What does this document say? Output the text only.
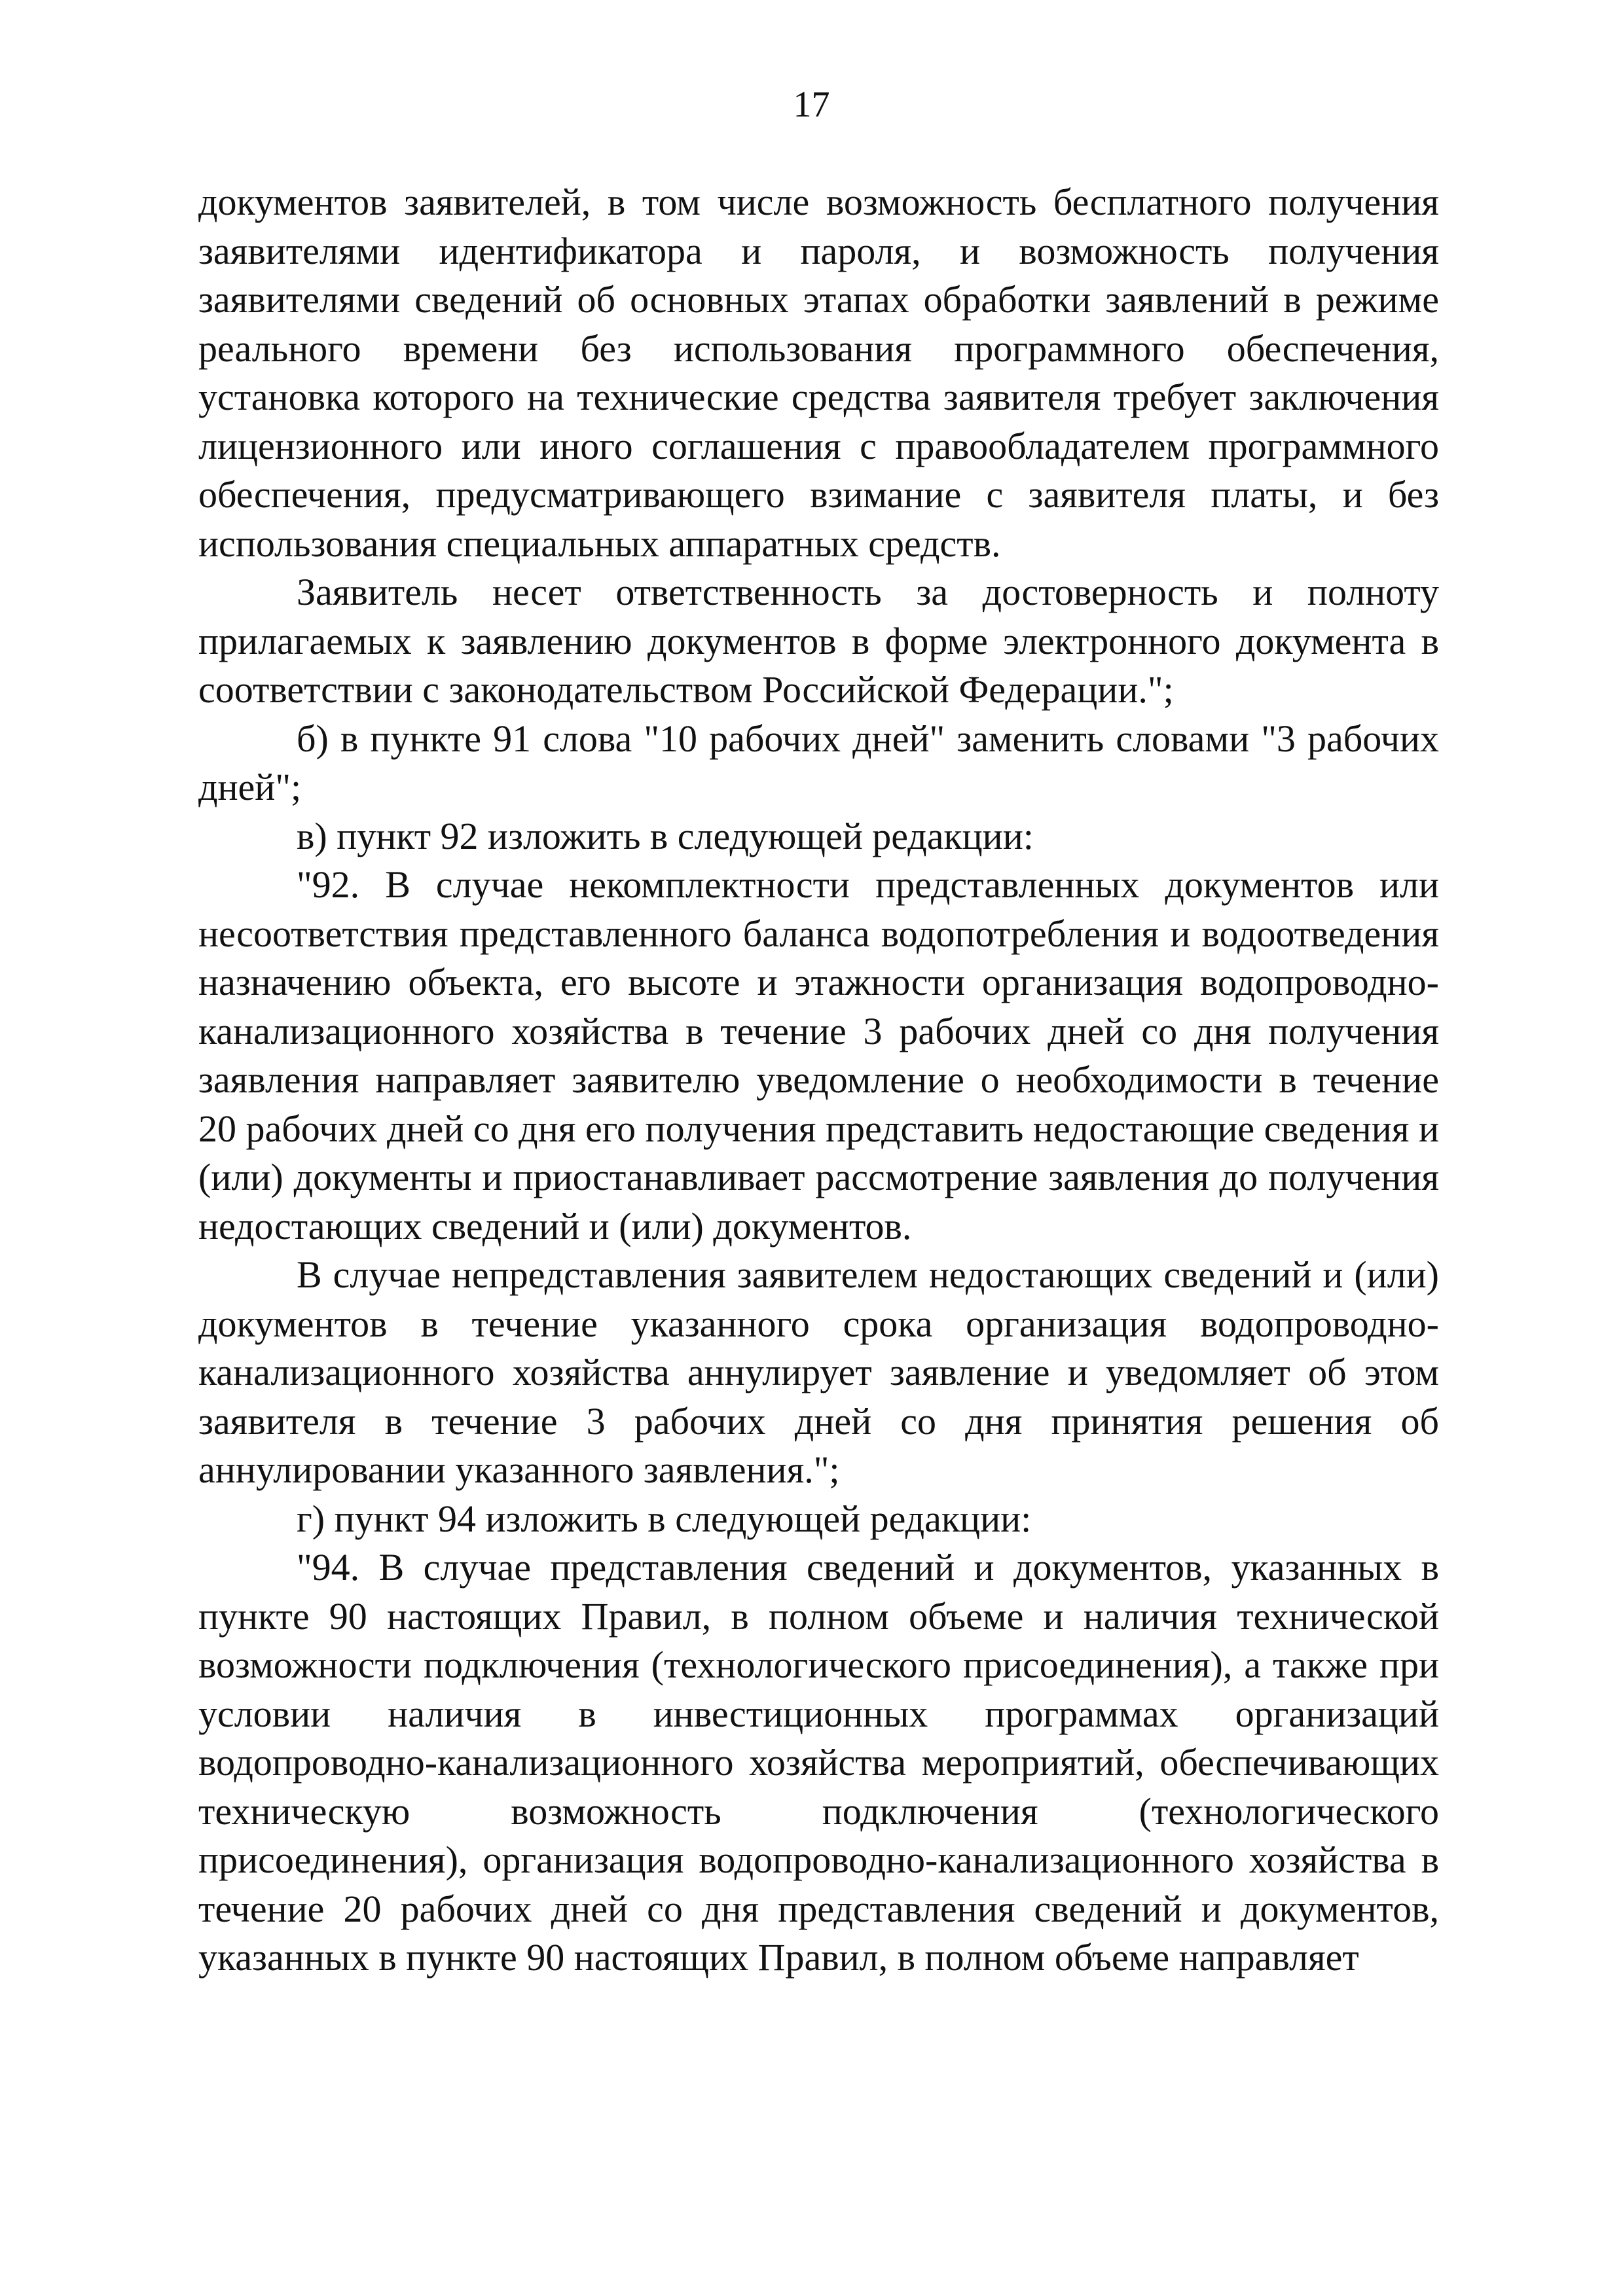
17

документов заявителей, в том числе возможность бесплатного получения заявителями идентификатора и пароля, и возможность получения заявителями сведений об основных этапах обработки заявлений в режиме реального времени без использования программного обеспечения, установка которого на технические средства заявителя требует заключения лицензионного или иного соглашения с правообладателем программного обеспечения, предусматривающего взимание с заявителя платы, и без использования специальных аппаратных средств.

Заявитель несет ответственность за достоверность и полноту прилагаемых к заявлению документов в форме электронного документа в соответствии с законодательством Российской Федерации.";

б) в пункте 91 слова "10 рабочих дней" заменить словами "3 рабочих дней";

в) пункт 92 изложить в следующей редакции:

"92. В случае некомплектности представленных документов или несоответствия представленного баланса водопотребления и водоотведения назначению объекта, его высоте и этажности организация водопроводно-канализационного хозяйства в течение 3 рабочих дней со дня получения заявления направляет заявителю уведомление о необходимости в течение 20 рабочих дней со дня его получения представить недостающие сведения и (или) документы и приостанавливает рассмотрение заявления до получения недостающих сведений и (или) документов.

В случае непредставления заявителем недостающих сведений и (или) документов в течение указанного срока организация водопроводно-канализационного хозяйства аннулирует заявление и уведомляет об этом заявителя в течение 3 рабочих дней со дня принятия решения об аннулировании указанного заявления.";

г) пункт 94 изложить в следующей редакции:

"94. В случае представления сведений и документов, указанных в пункте 90 настоящих Правил, в полном объеме и наличия технической возможности подключения (технологического присоединения), а также при условии наличия в инвестиционных программах организаций водопроводно-канализационного хозяйства мероприятий, обеспечивающих техническую возможность подключения (технологического присоединения), организация водопроводно-канализационного хозяйства в течение 20 рабочих дней со дня представления сведений и документов, указанных в пункте 90 настоящих Правил, в полном объеме направляет
